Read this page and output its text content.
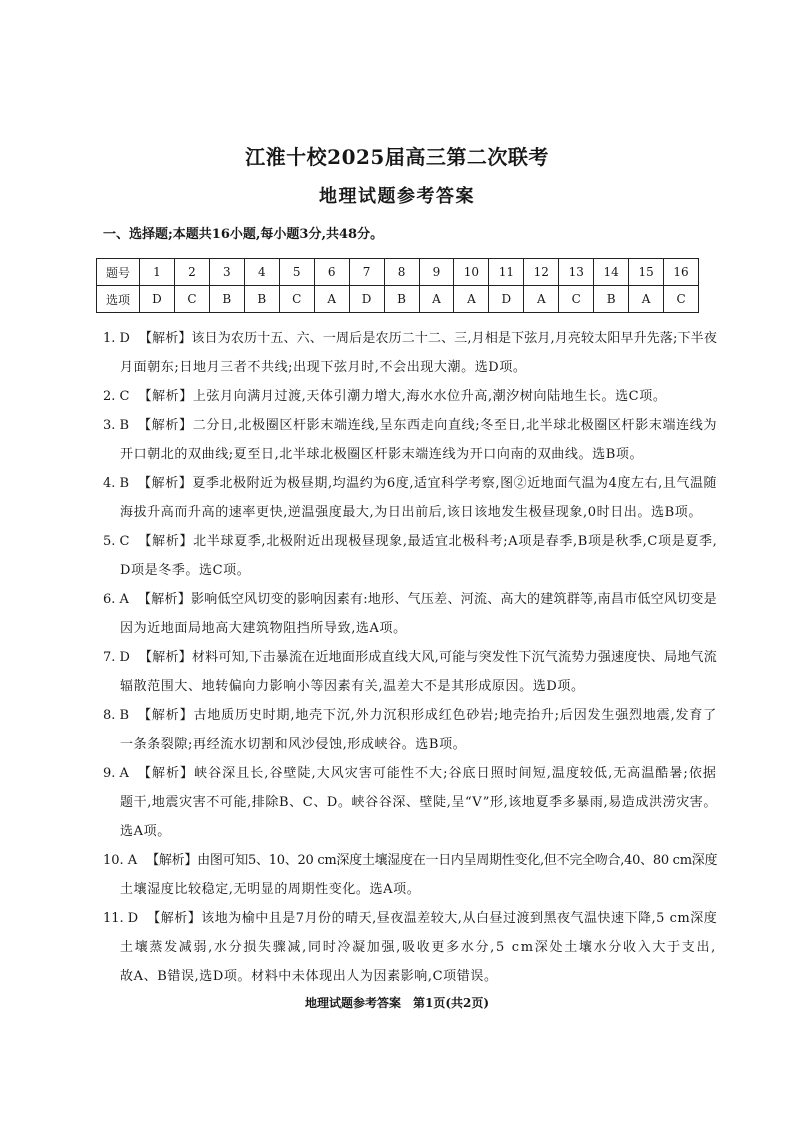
江淮十校2025届高三第二次联考
地理试题参考答案
一、选择题;本题共16小题,每小题3分,共48分。
题号	1	2	3	4	5	6	7	8	9	10	11	12	13	14	15	16
选项	D	C	B	B	C	A	D	B	A	A	D	A	C	B	A	C
1. D 【解析】该日为农历十五、六、一周后是农历二十二、三,月相是下弦月,月亮较太阳早升先落;下半夜
月面朝东;日地月三者不共线;出现下弦月时,不会出现大潮。选D项。
2. C 【解析】上弦月向满月过渡,天体引潮力增大,海水水位升高,潮汐树向陆地生长。选C项。
3. B 【解析】二分日,北极圈区杆影末端连线,呈东西走向直线;冬至日,北半球北极圈区杆影末端连线为
开口朝北的双曲线;夏至日,北半球北极圈区杆影末端连线为开口向南的双曲线。选B项。
4. B 【解析】夏季北极附近为极昼期,均温约为6度,适宜科学考察,图②近地面气温为4度左右,且气温随
海拔升高而升高的速率更快,逆温强度最大,为日出前后,该日该地发生极昼现象,0时日出。选B项。
5. C 【解析】北半球夏季,北极附近出现极昼现象,最适宜北极科考;A项是春季,B项是秋季,C项是夏季,
D项是冬季。选C项。
6. A 【解析】影响低空风切变的影响因素有:地形、气压差、河流、高大的建筑群等,南昌市低空风切变是
因为近地面局地高大建筑物阻挡所导致,选A项。
7. D 【解析】材料可知,下击暴流在近地面形成直线大风,可能与突发性下沉气流势力强速度快、局地气流
辐散范围大、地转偏向力影响小等因素有关,温差大不是其形成原因。选D项。
8. B 【解析】古地质历史时期,地壳下沉,外力沉积形成红色砂岩;地壳抬升;后因发生强烈地震,发育了
一条条裂隙;再经流水切割和风沙侵蚀,形成峡谷。选B项。
9. A 【解析】峡谷深且长,谷壁陡,大风灾害可能性不大;谷底日照时间短,温度较低,无高温酷暑;依据
题干,地震灾害不可能,排除B、C、D。峡谷谷深、壁陡,呈“V”形,该地夏季多暴雨,易造成洪涝灾害。
选A项。
10. A 【解析】由图可知5、10、20 cm深度土壤湿度在一日内呈周期性变化,但不完全吻合,40、80 cm深度
土壤湿度比较稳定,无明显的周期性变化。选A项。
11. D 【解析】该地为榆中且是7月份的晴天,昼夜温差较大,从白昼过渡到黑夜气温快速下降,5 cm深度
土壤蒸发减弱,水分损失骤减,同时冷凝加强,吸收更多水分,5 cm深处土壤水分收入大于支出,
故A、B错误,选D项。材料中未体现出人为因素影响,C项错误。
地理试题参考答案　第1页(共2页)
